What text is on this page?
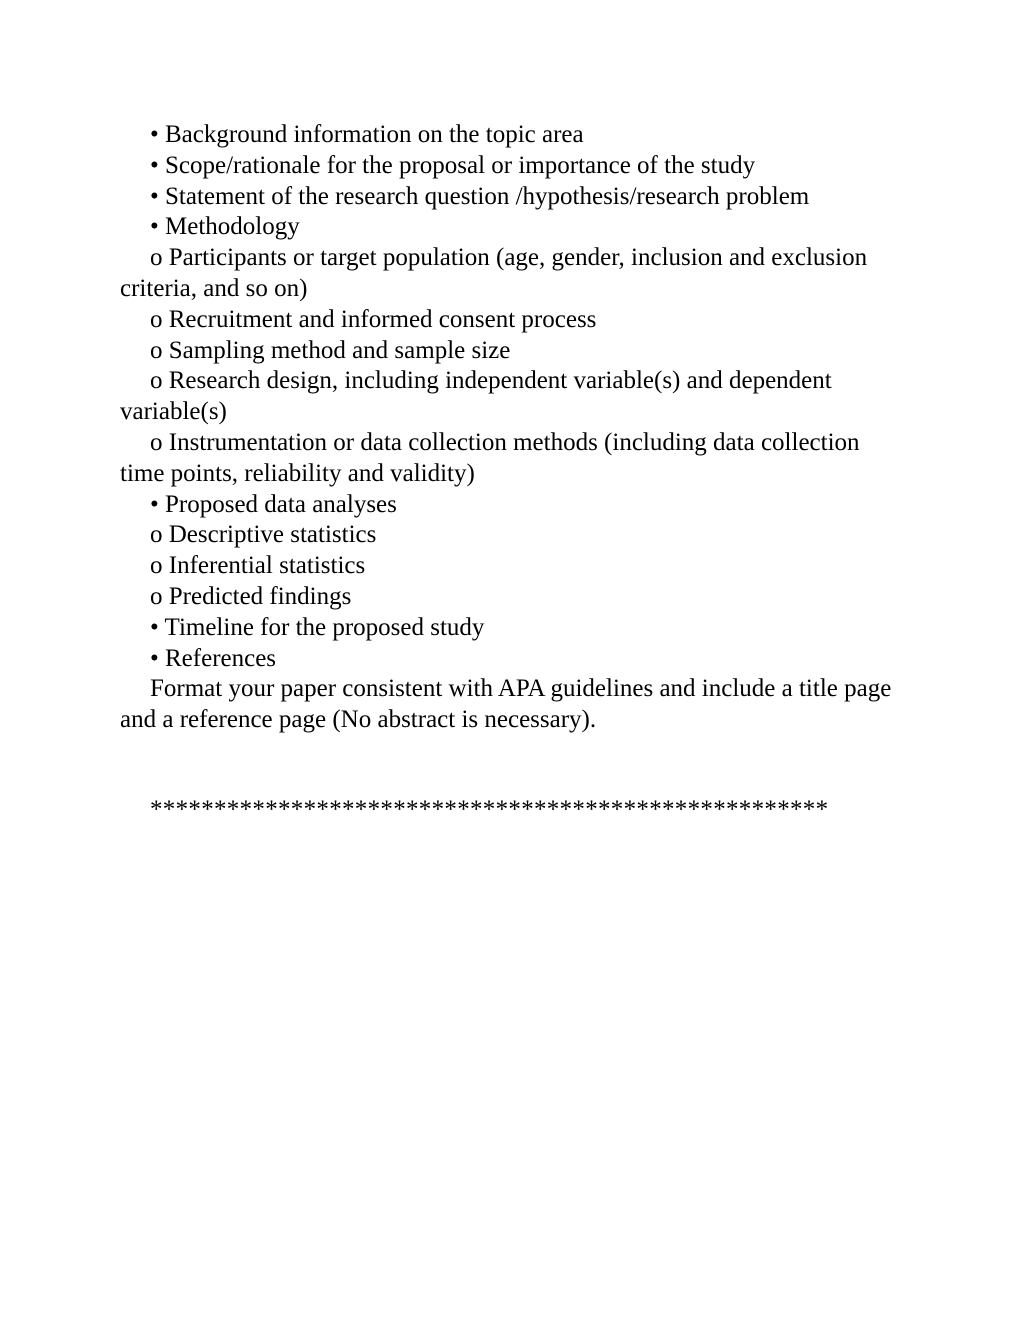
• Background information on the topic area

• Scope/rationale for the proposal or importance of the study

• Statement of the research question /hypothesis/research problem

• Methodology

o Participants or target population (age, gender, inclusion and exclusion criteria, and so on)

o Recruitment and informed consent process

o Sampling method and sample size

o Research design, including independent variable(s) and dependent variable(s)

o Instrumentation or data collection methods (including data collection time points, reliability and validity)

• Proposed data analyses

o Descriptive statistics

o Inferential statistics

o Predicted findings

• Timeline for the proposed study

• References

Format your paper consistent with APA guidelines and include a title page and a reference page (No abstract is necessary).

*****************************************************
